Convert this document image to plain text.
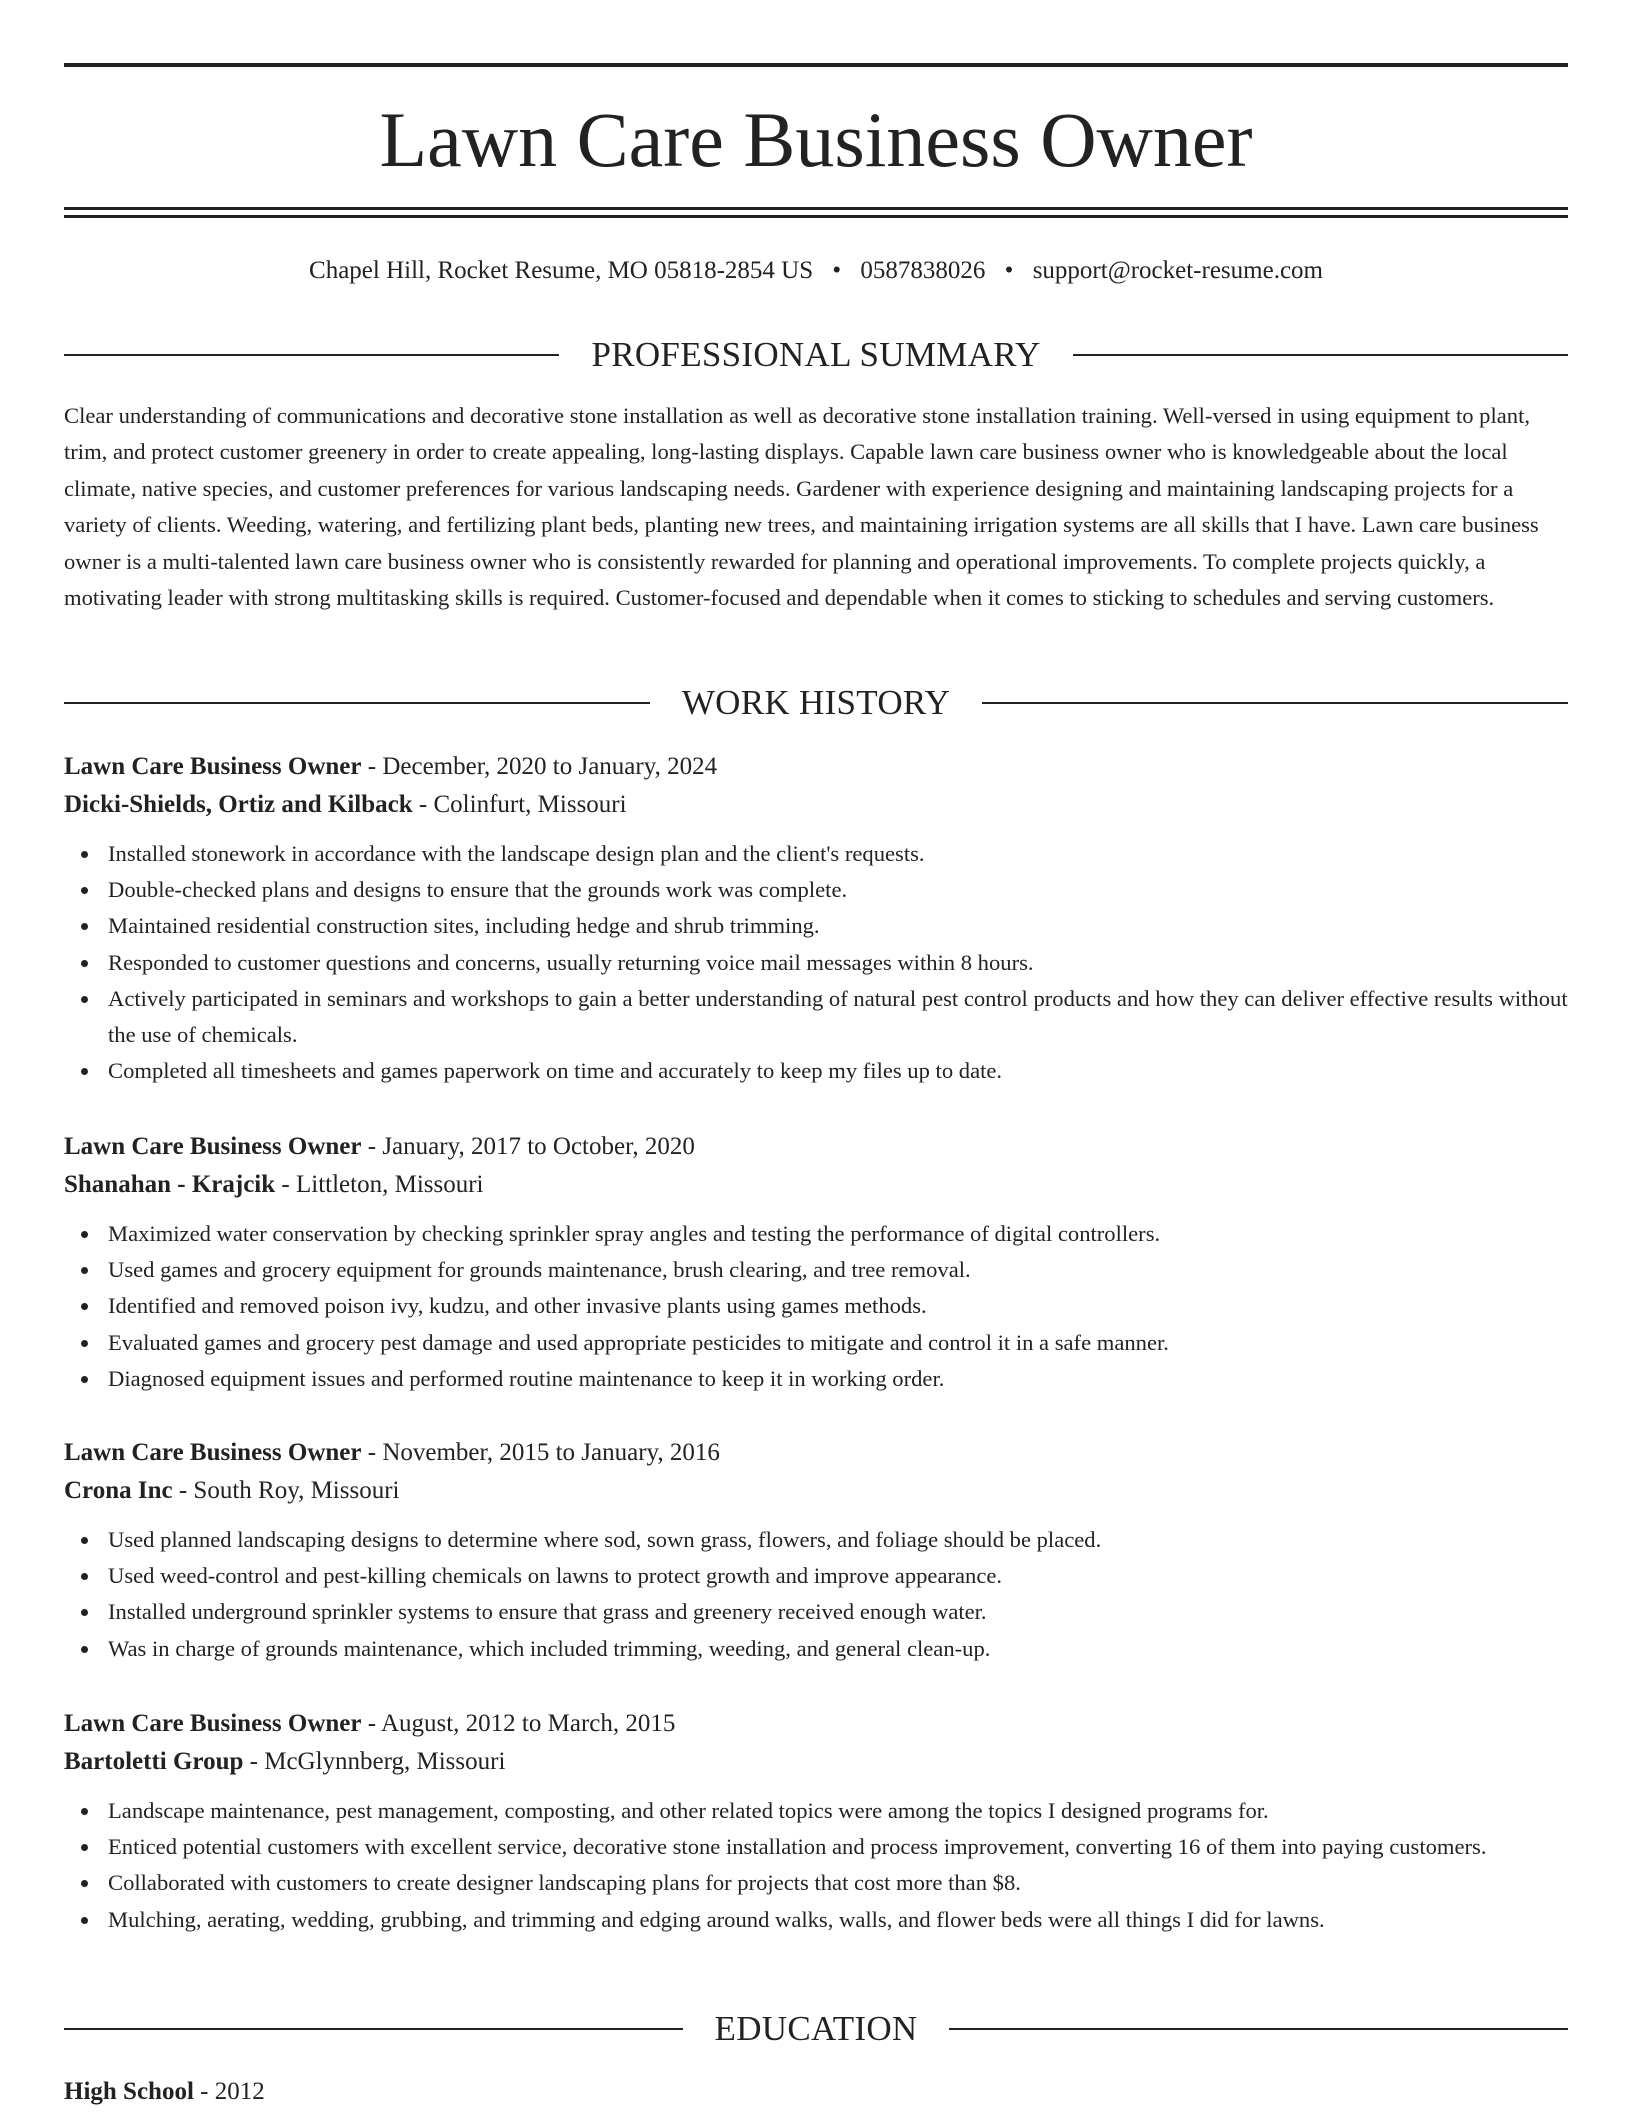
Lawn Care Business Owner
Chapel Hill, Rocket Resume, MO 05818-2854 US • 0587838026 • support@rocket-resume.com
PROFESSIONAL SUMMARY

Clear understanding of communications and decorative stone installation as well as decorative stone installation training. Well-versed in using equipment to plant, trim, and protect customer greenery in order to create appealing, long-lasting displays. Capable lawn care business owner who is knowledgeable about the local climate, native species, and customer preferences for various landscaping needs. Gardener with experience designing and maintaining landscaping projects for a variety of clients. Weeding, watering, and fertilizing plant beds, planting new trees, and maintaining irrigation systems are all skills that I have. Lawn care business owner is a multi-talented lawn care business owner who is consistently rewarded for planning and operational improvements. To complete projects quickly, a motivating leader with strong multitasking skills is required. Customer-focused and dependable when it comes to sticking to schedules and serving customers.

WORK HISTORY
Lawn Care Business Owner - December, 2020 to January, 2024
Dicki-Shields, Ortiz and Kilback - Colinfurt, Missouri
Installed stonework in accordance with the landscape design plan and the client's requests.
Double-checked plans and designs to ensure that the grounds work was complete.
Maintained residential construction sites, including hedge and shrub trimming.
Responded to customer questions and concerns, usually returning voice mail messages within 8 hours.
Actively participated in seminars and workshops to gain a better understanding of natural pest control products and how they can deliver effective results without the use of chemicals.
Completed all timesheets and games paperwork on time and accurately to keep my files up to date.
Lawn Care Business Owner - January, 2017 to October, 2020
Shanahan - Krajcik - Littleton, Missouri
Maximized water conservation by checking sprinkler spray angles and testing the performance of digital controllers.
Used games and grocery equipment for grounds maintenance, brush clearing, and tree removal.
Identified and removed poison ivy, kudzu, and other invasive plants using games methods.
Evaluated games and grocery pest damage and used appropriate pesticides to mitigate and control it in a safe manner.
Diagnosed equipment issues and performed routine maintenance to keep it in working order.
Lawn Care Business Owner - November, 2015 to January, 2016
Crona Inc - South Roy, Missouri
Used planned landscaping designs to determine where sod, sown grass, flowers, and foliage should be placed.
Used weed-control and pest-killing chemicals on lawns to protect growth and improve appearance.
Installed underground sprinkler systems to ensure that grass and greenery received enough water.
Was in charge of grounds maintenance, which included trimming, weeding, and general clean-up.
Lawn Care Business Owner - August, 2012 to March, 2015
Bartoletti Group - McGlynnberg, Missouri
Landscape maintenance, pest management, composting, and other related topics were among the topics I designed programs for.
Enticed potential customers with excellent service, decorative stone installation and process improvement, converting 16 of them into paying customers.
Collaborated with customers to create designer landscaping plans for projects that cost more than $8.
Mulching, aerating, wedding, grubbing, and trimming and edging around walks, walls, and flower beds were all things I did for lawns.
EDUCATION
High School - 2012
